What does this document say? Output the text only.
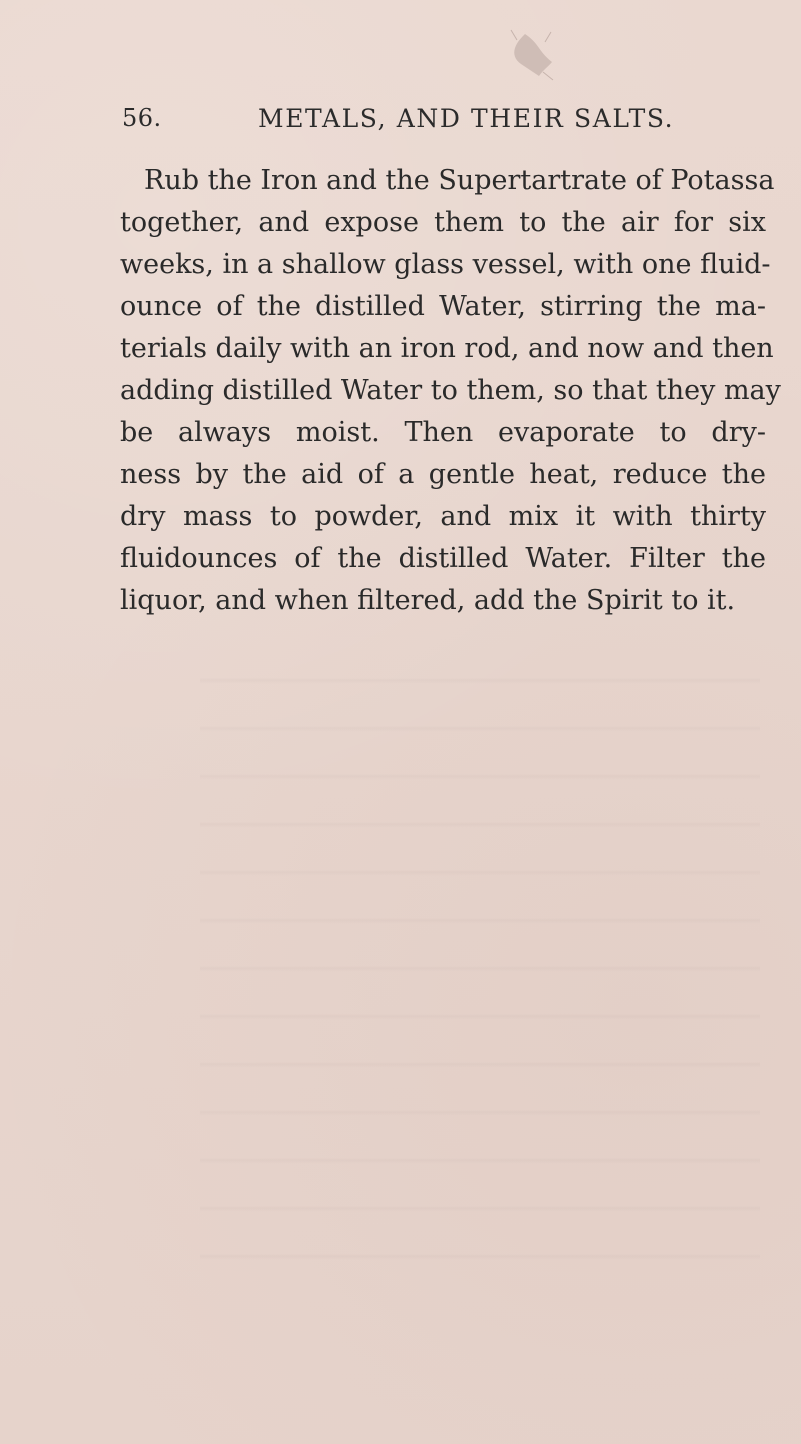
56.	METALS, AND THEIR SALTS.
Rub the Iron and the Supertartrate of Potassa
together, and expose them to the air for six
weeks, in a shallow glass vessel, with one fluid-
ounce of the distilled Water, stirring the ma-
terials daily with an iron rod, and now and then
adding distilled Water to them, so that they may
be always moist. Then evaporate to dry-
ness by the aid of a gentle heat, reduce the
dry mass to powder, and mix it with thirty
fluidounces of the distilled Water. Filter the
liquor, and when filtered, add the Spirit to it.
